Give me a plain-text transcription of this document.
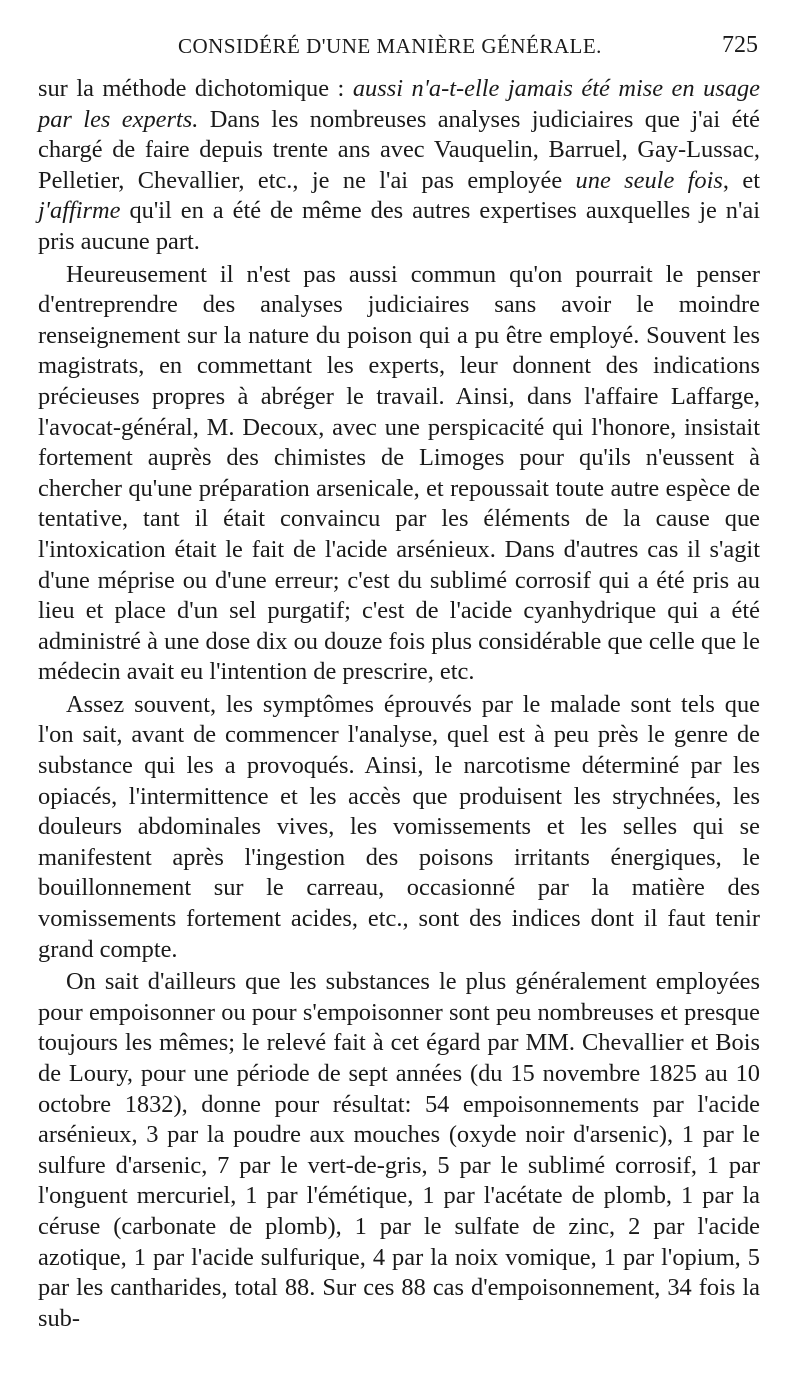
CONSIDÉRÉ D'UNE MANIÈRE GÉNÉRALE.	725

sur la méthode dichotomique : aussi n'a-t-elle jamais été mise en usage par les experts. Dans les nombreuses analyses judiciaires que j'ai été chargé de faire depuis trente ans avec Vauquelin, Barruel, Gay-Lussac, Pelletier, Chevallier, etc., je ne l'ai pas employée une seule fois, et j'affirme qu'il en a été de même des autres expertises auxquelles je n'ai pris aucune part.

Heureusement il n'est pas aussi commun qu'on pourrait le penser d'entreprendre des analyses judiciaires sans avoir le moindre renseignement sur la nature du poison qui a pu être employé. Souvent les magistrats, en commettant les experts, leur donnent des indications précieuses propres à abréger le travail. Ainsi, dans l'affaire Laffarge, l'avocat-général, M. Decoux, avec une perspicacité qui l'honore, insistait fortement auprès des chimistes de Limoges pour qu'ils n'eussent à chercher qu'une préparation arsenicale, et repoussait toute autre espèce de tentative, tant il était convaincu par les éléments de la cause que l'intoxication était le fait de l'acide arsénieux. Dans d'autres cas il s'agit d'une méprise ou d'une erreur; c'est du sublimé corrosif qui a été pris au lieu et place d'un sel purgatif; c'est de l'acide cyanhydrique qui a été administré à une dose dix ou douze fois plus considérable que celle que le médecin avait eu l'intention de prescrire, etc.

Assez souvent, les symptômes éprouvés par le malade sont tels que l'on sait, avant de commencer l'analyse, quel est à peu près le genre de substance qui les a provoqués. Ainsi, le narcotisme déterminé par les opiacés, l'intermittence et les accès que produisent les strychnées, les douleurs abdominales vives, les vomissements et les selles qui se manifestent après l'ingestion des poisons irritants énergiques, le bouillonnement sur le carreau, occasionné par la matière des vomissements fortement acides, etc., sont des indices dont il faut tenir grand compte.

On sait d'ailleurs que les substances le plus généralement employées pour empoisonner ou pour s'empoisonner sont peu nombreuses et presque toujours les mêmes; le relevé fait à cet égard par MM. Chevallier et Bois de Loury, pour une période de sept années (du 15 novembre 1825 au 10 octobre 1832), donne pour résultat: 54 empoisonnements par l'acide arsénieux, 3 par la poudre aux mouches (oxyde noir d'arsenic), 1 par le sulfure d'arsenic, 7 par le vert-de-gris, 5 par le sublimé corrosif, 1 par l'onguent mercuriel, 1 par l'émétique, 1 par l'acétate de plomb, 1 par la céruse (carbonate de plomb), 1 par le sulfate de zinc, 2 par l'acide azotique, 1 par l'acide sulfurique, 4 par la noix vomique, 1 par l'opium, 5 par les cantharides, total 88. Sur ces 88 cas d'empoisonnement, 34 fois la sub-
